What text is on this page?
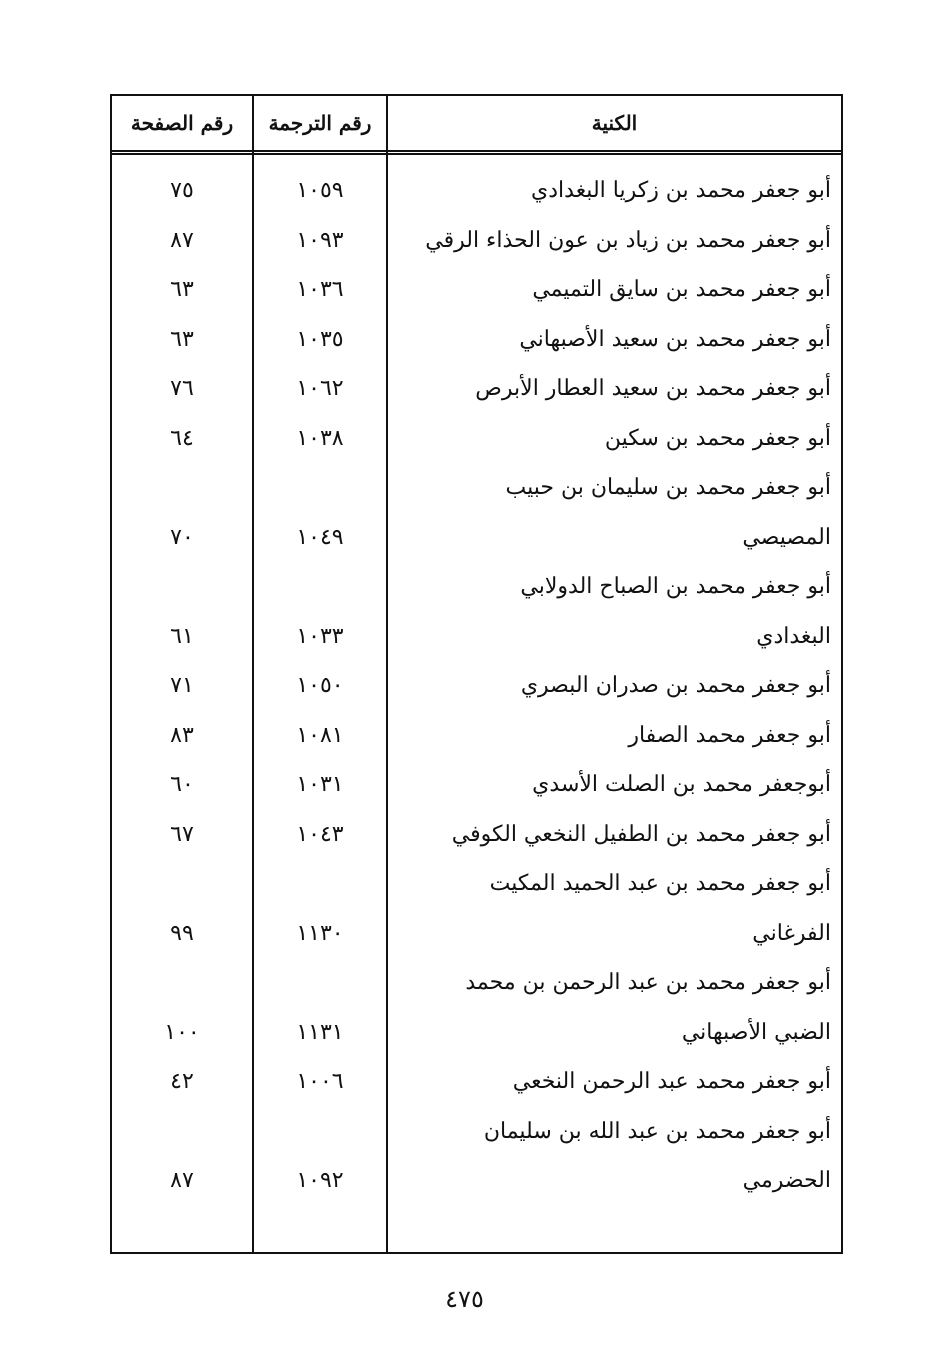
رقم الصفحة	رقم الترجمة	الكنية
٧٥	١٠٥٩	أبو جعفر محمد بن زكريا البغدادي
٨٧	١٠٩٣	أبو جعفر محمد بن زياد بن عون الحذاء الرقي
٦٣	١٠٣٦	أبو جعفر محمد بن سايق التميمي
٦٣	١٠٣٥	أبو جعفر محمد بن سعيد الأصبهاني
٧٦	١٠٦٢	أبو جعفر محمد بن سعيد العطار الأبرص
٦٤	١٠٣٨	أبو جعفر محمد بن سكين
أبو جعفر محمد بن سليمان بن حبيب
٧٠	١٠٤٩	المصيصي
أبو جعفر محمد بن الصباح الدولابي
٦١	١٠٣٣	البغدادي
٧١	١٠٥٠	أبو جعفر محمد بن صدران البصري
٨٣	١٠٨١	أبو جعفر محمد الصفار
٦٠	١٠٣١	أبوجعفر محمد بن الصلت الأسدي
٦٧	١٠٤٣	أبو جعفر محمد بن الطفيل النخعي الكوفي
أبو جعفر محمد بن عبد الحميد المكيت
٩٩	١١٣٠	الفرغاني
أبو جعفر محمد بن عبد الرحمن بن محمد
١٠٠	١١٣١	الضبي الأصبهاني
٤٢	١٠٠٦	أبو جعفر محمد عبد الرحمن النخعي
أبو جعفر محمد بن عبد الله بن سليمان
٨٧	١٠٩٢	الحضرمي
٤٧٥
